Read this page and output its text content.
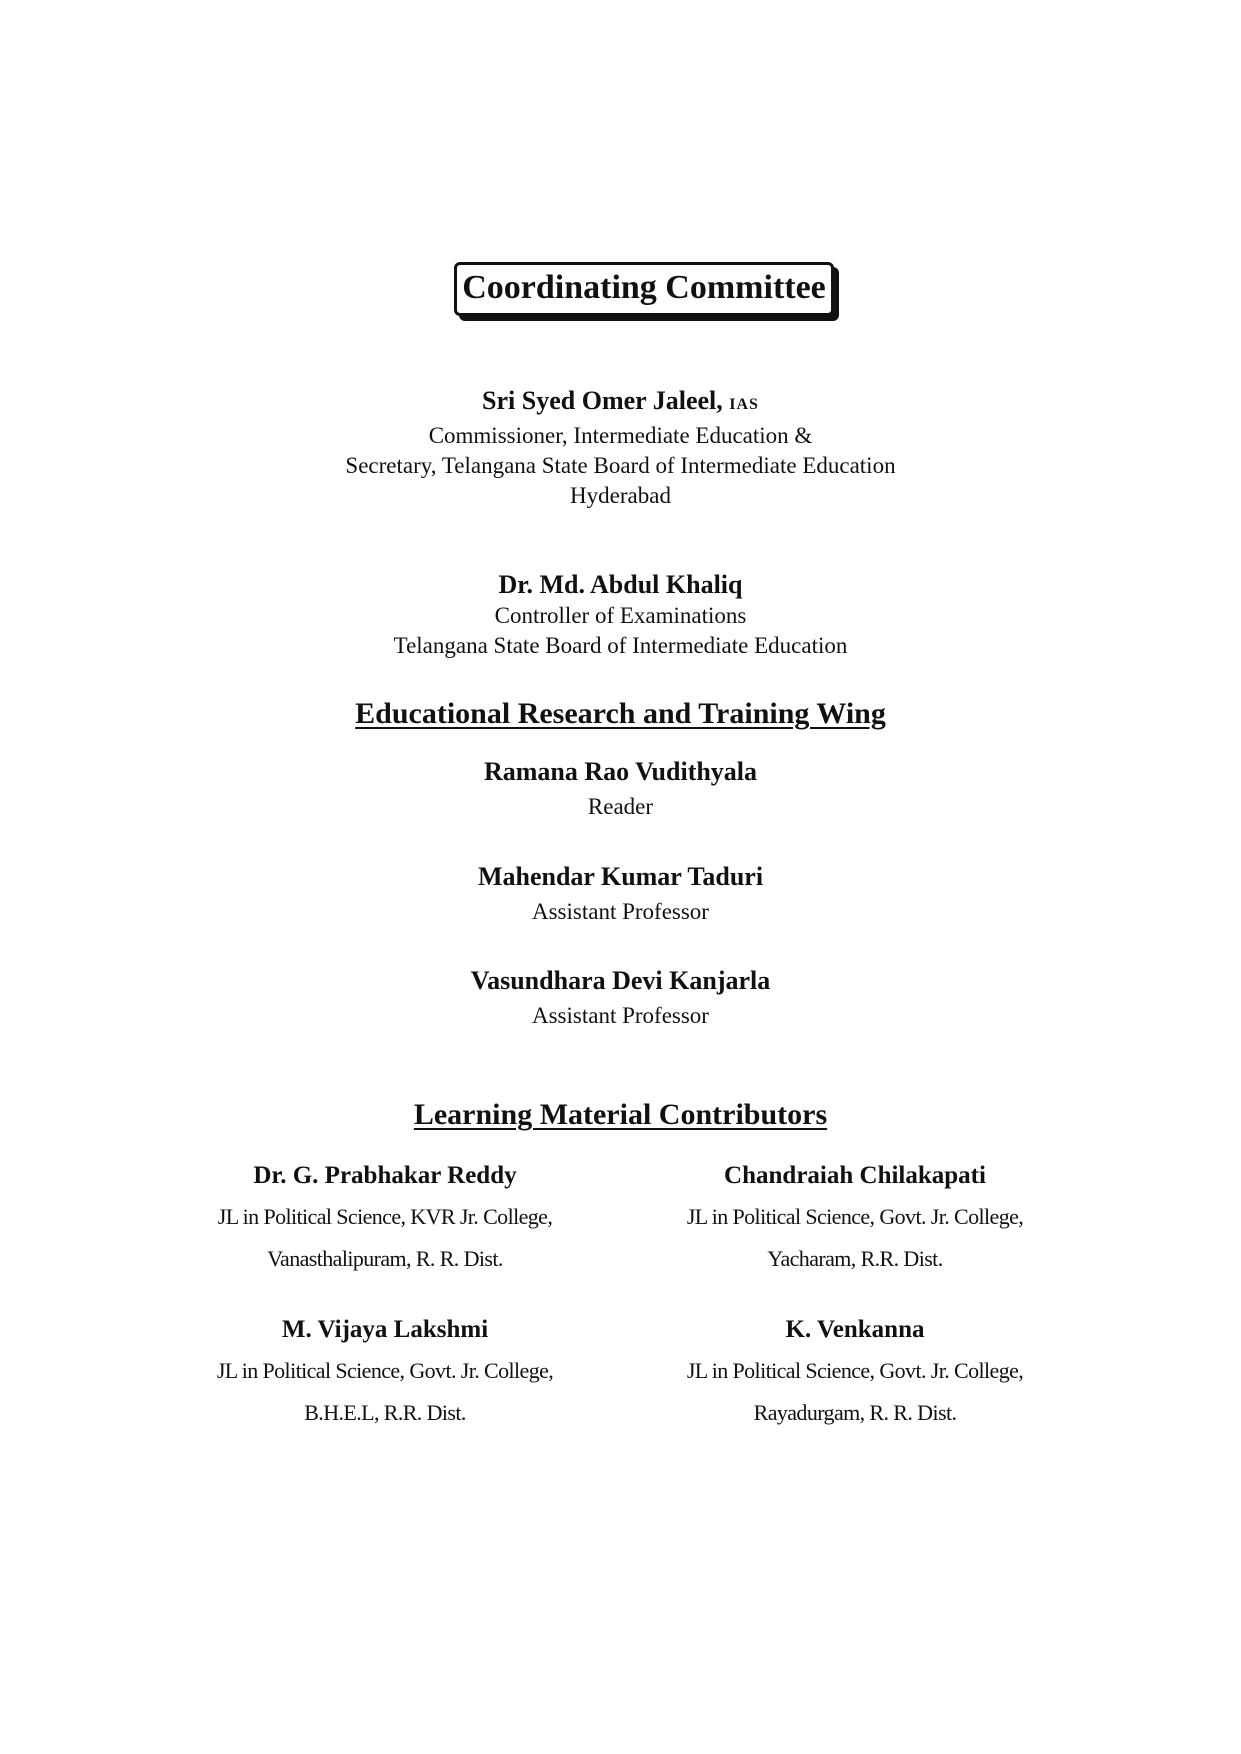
Coordinating Committee
Sri Syed Omer Jaleel, IAS
Commissioner, Intermediate Education &
Secretary, Telangana State Board of Intermediate Education
Hyderabad
Dr. Md. Abdul Khaliq
Controller of Examinations
Telangana State Board of Intermediate Education
Educational Research and Training Wing
Ramana Rao Vudithyala
Reader
Mahendar Kumar Taduri
Assistant Professor
Vasundhara Devi Kanjarla
Assistant Professor
Learning Material Contributors
Dr. G. Prabhakar Reddy
JL in Political Science, KVR Jr. College,
Vanasthalipuram, R. R. Dist.
Chandraiah Chilakapati
JL in Political Science, Govt. Jr. College,
Yacharam, R.R. Dist.
M. Vijaya Lakshmi
JL in Political Science, Govt. Jr. College,
B.H.E.L, R.R. Dist.
K. Venkanna
JL in Political Science, Govt. Jr. College,
Rayadurgam, R. R. Dist.
